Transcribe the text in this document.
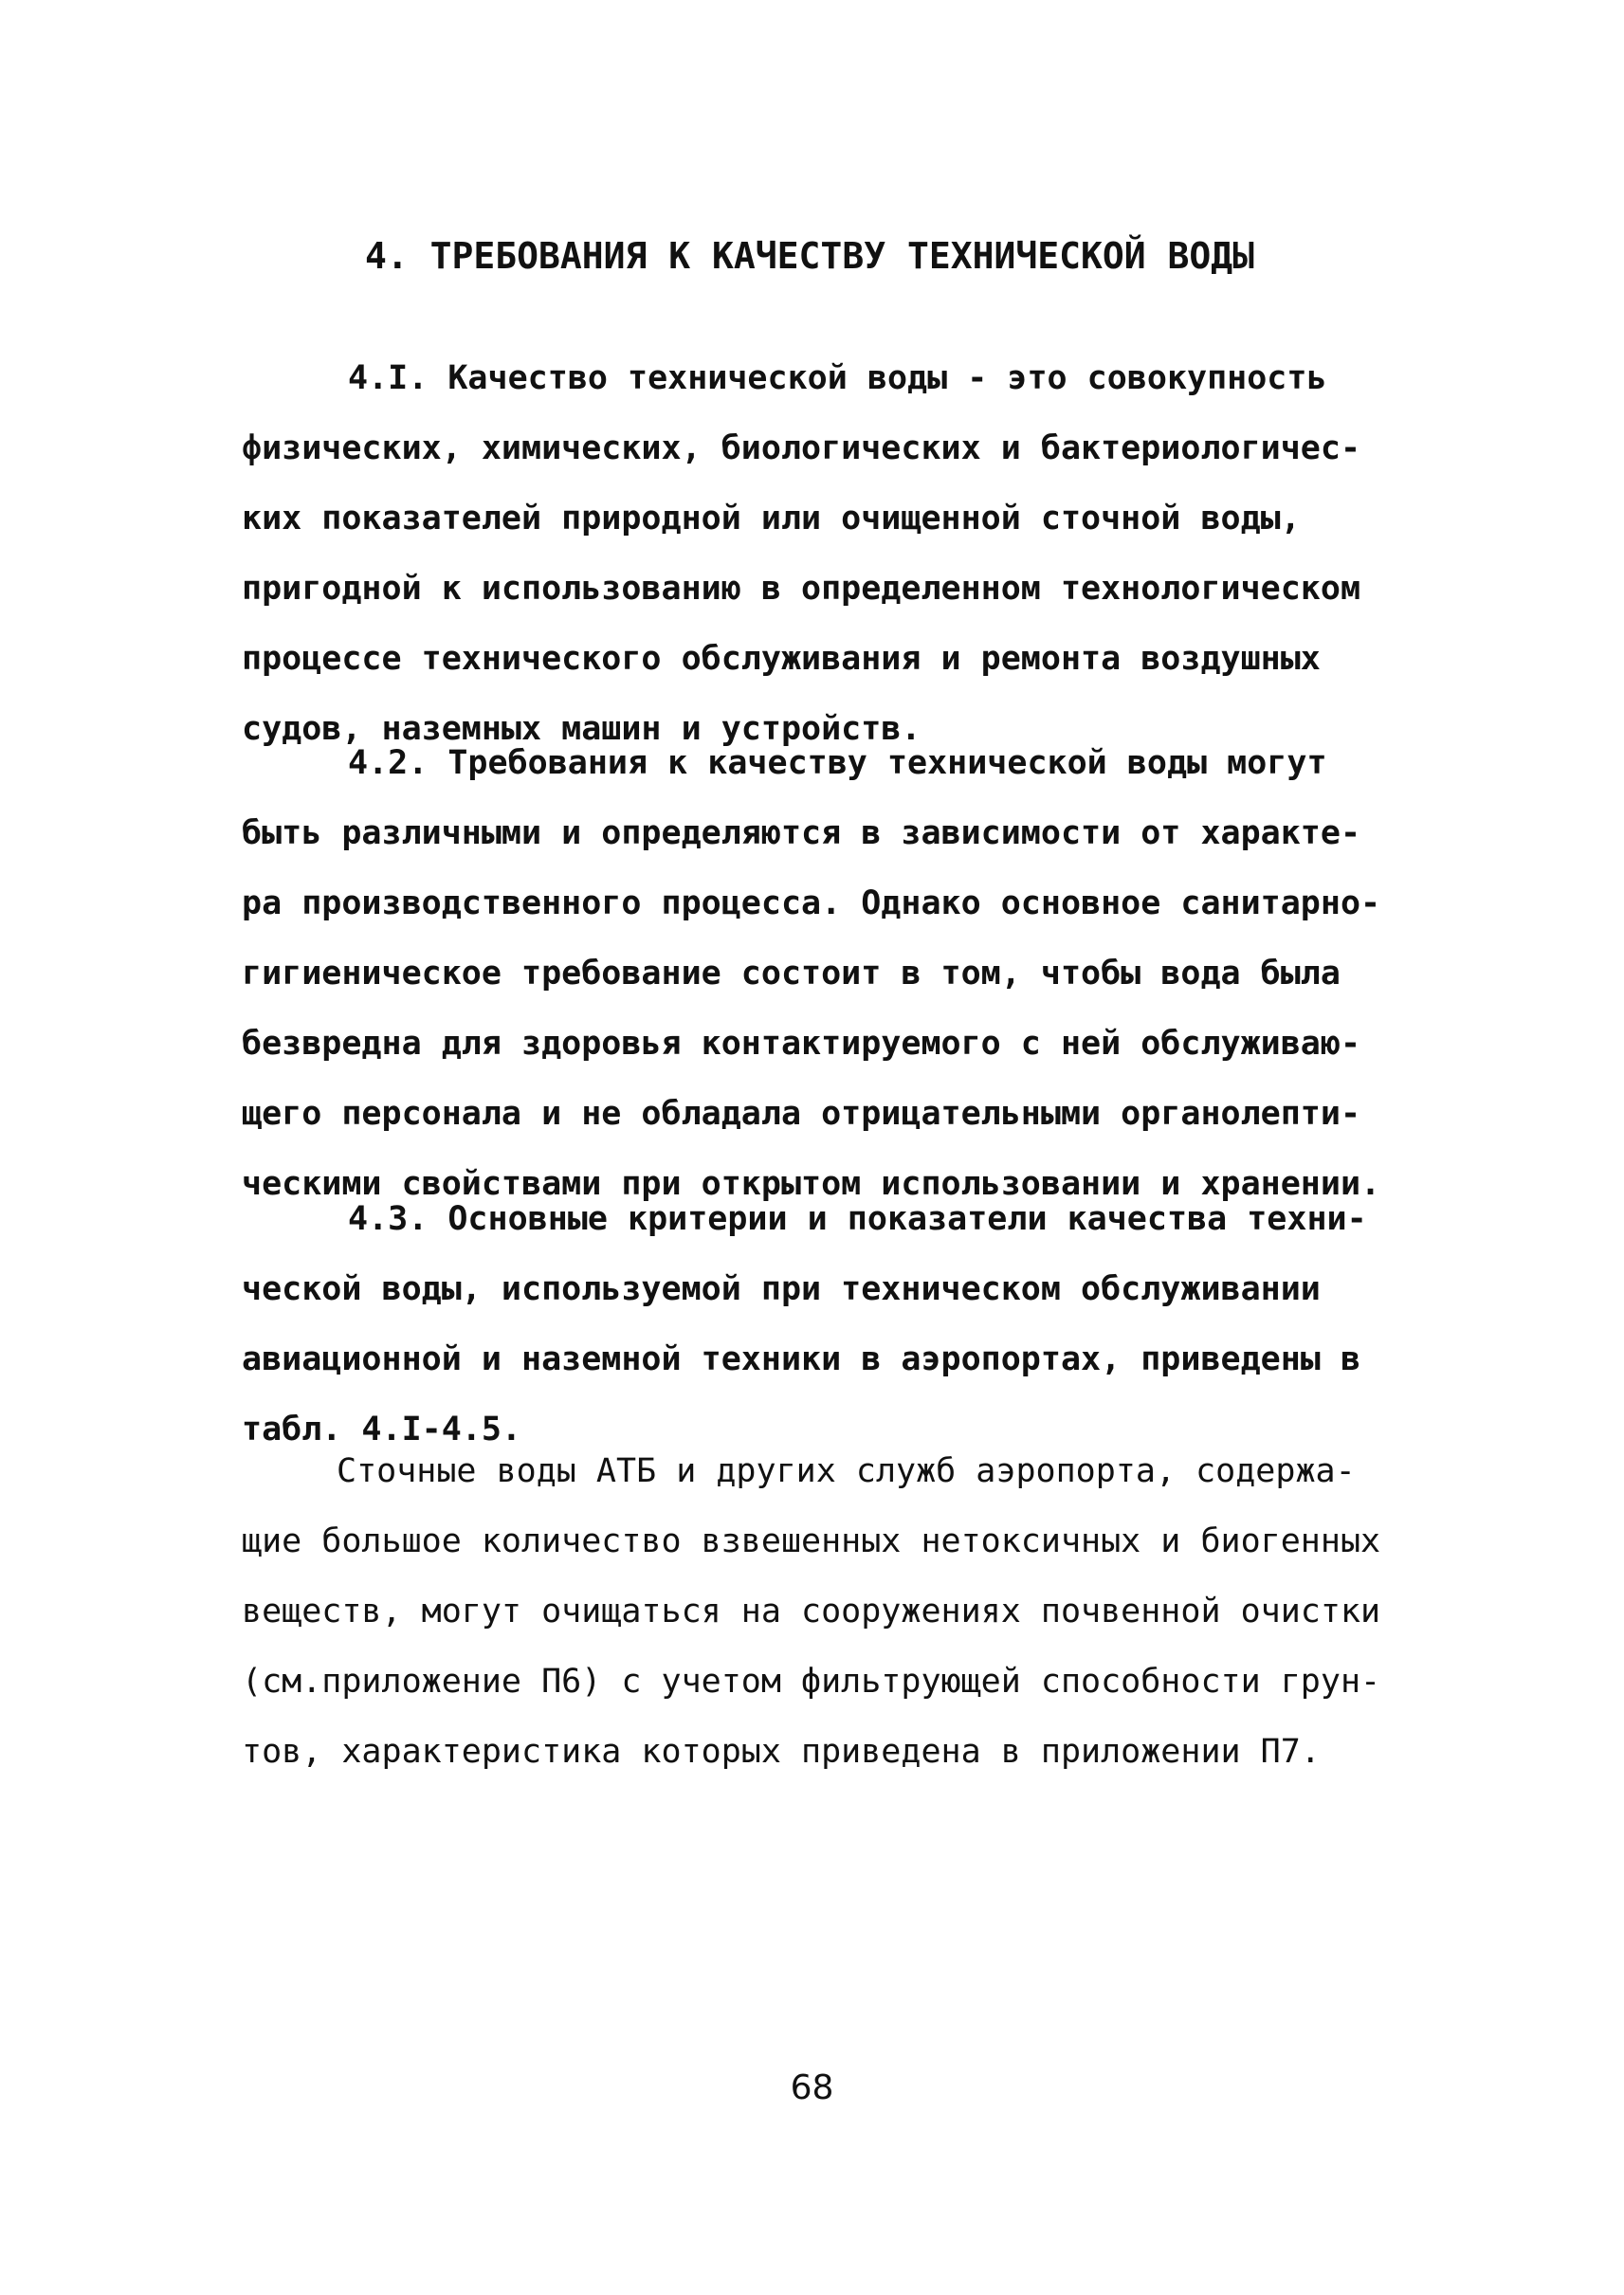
4. ТРЕБОВАНИЯ К КАЧЕСТВУ ТЕХНИЧЕСКОЙ ВОДЫ
4.I. Качество технической воды - это совокупность
физических, химических, биологических и бактериологичес-
ких показателей природной или очищенной сточной воды,
пригодной к использованию в определенном технологическом
процессе технического обслуживания и ремонта воздушных
судов, наземных машин и устройств.
4.2. Требования к качеству технической воды могут
быть различными и определяются в зависимости от характе-
ра производственного процесса. Однако основное санитарно-
гигиеническое требование состоит в том, чтобы вода была
безвредна для здоровья контактируемого с ней обслуживаю-
щего персонала и не обладала отрицательными органолепти-
ческими свойствами при открытом использовании и хранении.
4.3. Основные критерии и показатели качества техни-
ческой воды, используемой при техническом обслуживании
авиационной и наземной техники в аэропортах, приведены в
табл. 4.I-4.5.
Сточные воды АТБ и других служб аэропорта, содержа-
щие большое количество взвешенных нетоксичных и биогенных
веществ, могут очищаться на сооружениях почвенной очистки
(см.приложение П6) с учетом фильтрующей способности грун-
тов, характеристика которых приведена в приложении П7.
68
